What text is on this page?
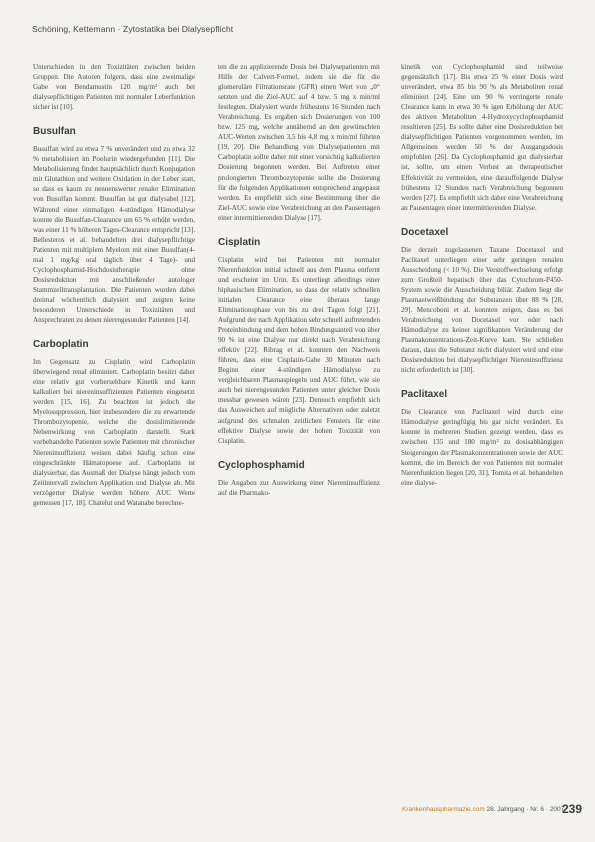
Schöning, Kettemann · Zytostatika bei Dialysepflicht

Unterschieden in den Toxizitäten zwischen beiden Gruppen. Die Autoren folgern, dass eine zweimalige Gabe von Bendamustin 120 mg/m² auch bei dialysepflichtigen Patienten mit normaler Leberfunktion sicher ist [10].

Busulfan

Busulfan wird zu etwa 7 % unverändert und zu etwa 32 % metabolisiert im Poolurin wiedergefunden [11]. Die Metabolisierung findet hauptsächlich durch Konjugation mit Glutathion und weitere Oxidation in der Leber statt, so dass es kaum zu nennenswerter renaler Elimination von Busulfan kommt. Busulfan ist gut dialysabel [12]. Während einer einmaligen 4-stündigen Hämodialyse konnte die Busulfan-Clearance um 65 % erhöht werden, was einer 11 % höheren Tages-Clearance entspricht [13]. Bellesteros et al. behandelten drei dialysepflichtige Patienten mit multiplem Myelom mit einer Busulfan(4-mal 1 mg/kg oral täglich über 4 Tage)- und Cyclophosphamid-Hochdosistherapie ohne Dosisreduktion mit anschließender autologer Stammzelltransplantation. Die Patienten wurden dabei dreimal wöchentlich dialysiert und zeigten keine besonderen Unterschiede in Toxizitäten und Ansprechraten zu denen nierengesunder Patienten [14].

Carboplatin

Im Gegensatz zu Cisplatin wird Carboplatin überwiegend renal eliminiert. Carboplatin besitzt daher eine relativ gut vorhersehbare Kinetik und kann kalkuliert bei niereninsuffizienten Patienten eingesetzt werden [15, 16]. Zu beachten ist jedoch die Myelosuppression, hier insbesondere die zu erwartende Thrombozytopenie, welche die dosislimitierende Nebenwirkung von Carboplatin darstellt. Stark vorbehandelte Patienten sowie Patienten mit chronischer Niereninsuffizienz weisen dabei häufig schon eine eingeschränkte Hämatopoese auf. Carboplatin ist dialysierbar, das Ausmaß der Dialyse hängt jedoch vom Zeitintervall zwischen Applikation und Dialyse ab. Mit verzögerter Dialyse werden höhere AUC Werte gemessen [17, 18]. Chatelut und Watanabe berechne-

ten die zu applizierende Dosis bei Dialysepatienten mit Hilfe der Calvert-Formel, indem sie die für die glomeruläre Filtrationsrate (GFR) einen Wert von „0“ setzten und die Ziel-AUC auf 4 bzw. 5 mg x min/ml festlegten. Dialysiert wurde frühestens 16 Stunden nach Verabreichung. Es ergaben sich Dosierungen von 100 bzw. 125 mg, welche annähernd an den gewünschten AUC-Werten zwischen 3,5 bis 4,8 mg x min/ml führten [19, 20]. Die Behandlung von Dialysepatienten mit Carboplatin sollte daher mit einer vorsichtig kalkulierten Dosierung begonnen werden. Bei Auftreten einer prolongierten Thrombozytopenie sollte die Dosierung für die folgenden Applikationen entsprechend angepasst werden. Es empfiehlt sich eine Bestimmung über die Ziel-AUC sowie eine Verabreichung an den Pausentagen einer intermittierenden Dialyse [17].

Cisplatin

Cisplatin wird bei Patienten mit normaler Nierenfunktion initial schnell aus dem Plasma entfernt und erscheint im Urin. Es unterliegt allerdings einer biphasischen Elimination, so dass der relativ schnellen initialen Clearance eine überaus lange Eliminationsphase von bis zu drei Tagen folgt [21]. Aufgrund der nach Applikation sehr schnell auftretenden Proteinbindung und dem hohen Bindungsanteil von über 90 % ist eine Dialyse nur direkt nach Verabreichung effektiv [22]. Ribrag et al. konnten den Nachweis führen, dass eine Cisplatin-Gabe 30 Minuten nach Beginn einer 4-stündigen Hämodialyse zu vergleichbaren Plasmaspiegeln und AUC führt, wie sie auch bei nierengesunden Patienten unter gleicher Dosis messbar gewesen wären [23]. Dennoch empfiehlt sich das Ausweichen auf mögliche Alternativen oder zuletzt aufgrund des schmalen zeitlichen Fensters für eine effektive Dialyse sowie der hohen Toxizität von Cisplatin.

Cyclophosphamid

Die Angaben zur Auswirkung einer Niereninsuffizienz auf die Pharmako-

kinetik von Cyclophosphamid sind teilweise gegensätzlich [17]. Bis etwa 25 % einer Dosis wird unverändert, etwa 85 bis 90 % als Metaboliten renal eliminiert [24]. Eine um 90 % verringerte renale Clearance kann in etwa 30 % igen Erhöhung der AUC des aktiven Metaboliten 4-Hydroxycyclophosphamid resultieren [25]. Es sollte daher eine Dosisreduktion bei dialysepflichtigen Patienten vorgenommen werden, im Allgemeinen werden 50 % der Ausgangsdosis empfohlen [26]. Da Cyclophosphamid gut dialysierbar ist, sollte, um einen Verlust an therapeutischer Effektivität zu vermeiden, eine darauffolgende Dialyse frühestens 12 Stunden nach Verabreichung begonnen werden [27]. Es empfiehlt sich daher eine Verabreichung an Pausentagen einer intermittierenden Dialyse.

Docetaxel

Die derzeit zugelassenen Taxane Docetaxel und Paclitaxel unterliegen einer sehr geringen renalen Ausscheidung (< 10 %). Die Verstoffwechselung erfolgt zum Großteil hepatisch über das Cytochrom-P450-System sowie die Ausscheidung biliär. Zudem liegt die Plasmaeiweißbindung der Substanzen über 88 % [28, 29]. Mencoboni et al. konnten zeigen, dass es bei Verabreichung von Docetaxel vor oder nach Hämodialyse zu keiner signifikanten Veränderung der Plasmakonzentrations-Zeit-Kurve kam. Sie schließen daraus, dass die Substanz nicht dialysiert wird und eine Dosisreduktion bei dialysepflichtiger Niereninsuffizienz nicht erforderlich ist [30].

Paclitaxel

Die Clearance von Paclitaxel wird durch eine Hämodialyse geringfügig bis gar nicht verändert. Es konnte in mehreren Studien gezeigt werden, dass es zwischen 135 und 180 mg/m² zu dosisabhängigen Steigerungen der Plasmakonzentrationen sowie der AUC kommt, die im Bereich der von Patienten mit normaler Nierenfunktion liegen [20, 31]. Tomita et al. behandelten eine dialyse-

Krankenhauspharmazie.com 28. Jahrgang · Nr. 6 · 2007
239
